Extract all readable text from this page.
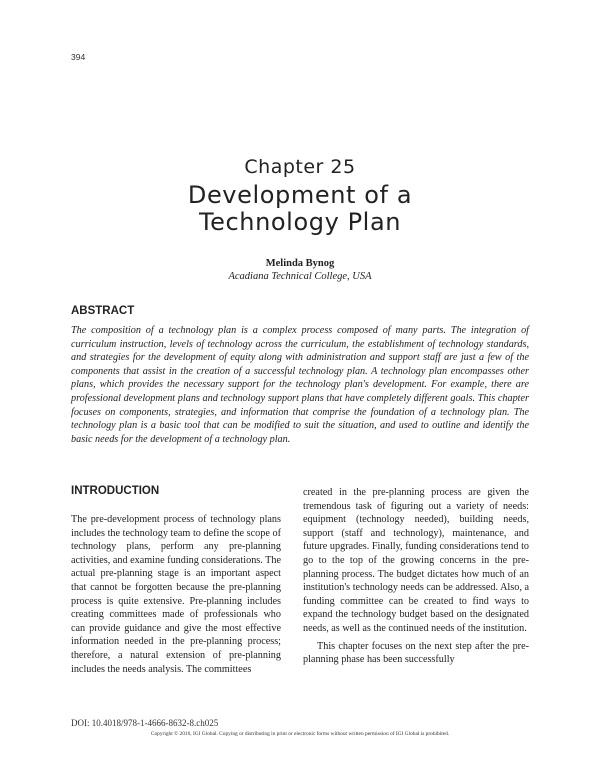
394
Chapter 25
Development of a
Technology Plan
Melinda Bynog
Acadiana Technical College, USA
ABSTRACT
The composition of a technology plan is a complex process composed of many parts. The integration of curriculum instruction, levels of technology across the curriculum, the establishment of technology standards, and strategies for the development of equity along with administration and support staff are just a few of the components that assist in the creation of a successful technology plan. A technology plan encompasses other plans, which provides the necessary support for the technology plan's development. For example, there are professional development plans and technology support plans that have completely different goals. This chapter focuses on components, strategies, and information that comprise the foundation of a technology plan. The technology plan is a basic tool that can be modified to suit the situation, and used to outline and identify the basic needs for the development of a technology plan.
INTRODUCTION

The pre-development process of technology plans includes the technology team to define the scope of technology plans, perform any pre-planning activities, and examine funding considerations. The actual pre-planning stage is an important aspect that cannot be forgotten because the pre-planning process is quite extensive. Pre-planning includes creating committees made of professionals who can provide guidance and give the most effective information needed in the pre-planning process; therefore, a natural extension of pre-planning includes the needs analysis. The committees

created in the pre-planning process are given the tremendous task of figuring out a variety of needs: equipment (technology needed), building needs, support (staff and technology), maintenance, and future upgrades. Finally, funding considerations tend to go to the top of the growing concerns in the pre-planning process. The budget dictates how much of an institution's technology needs can be addressed. Also, a funding committee can be created to find ways to expand the technology budget based on the designated needs, as well as the continued needs of the institution.

This chapter focuses on the next step after the pre-planning phase has been successfully

DOI: 10.4018/978-1-4666-8632-8.ch025
Copyright © 2016, IGI Global. Copying or distributing in print or electronic forms without written permission of IGI Global is prohibited.
